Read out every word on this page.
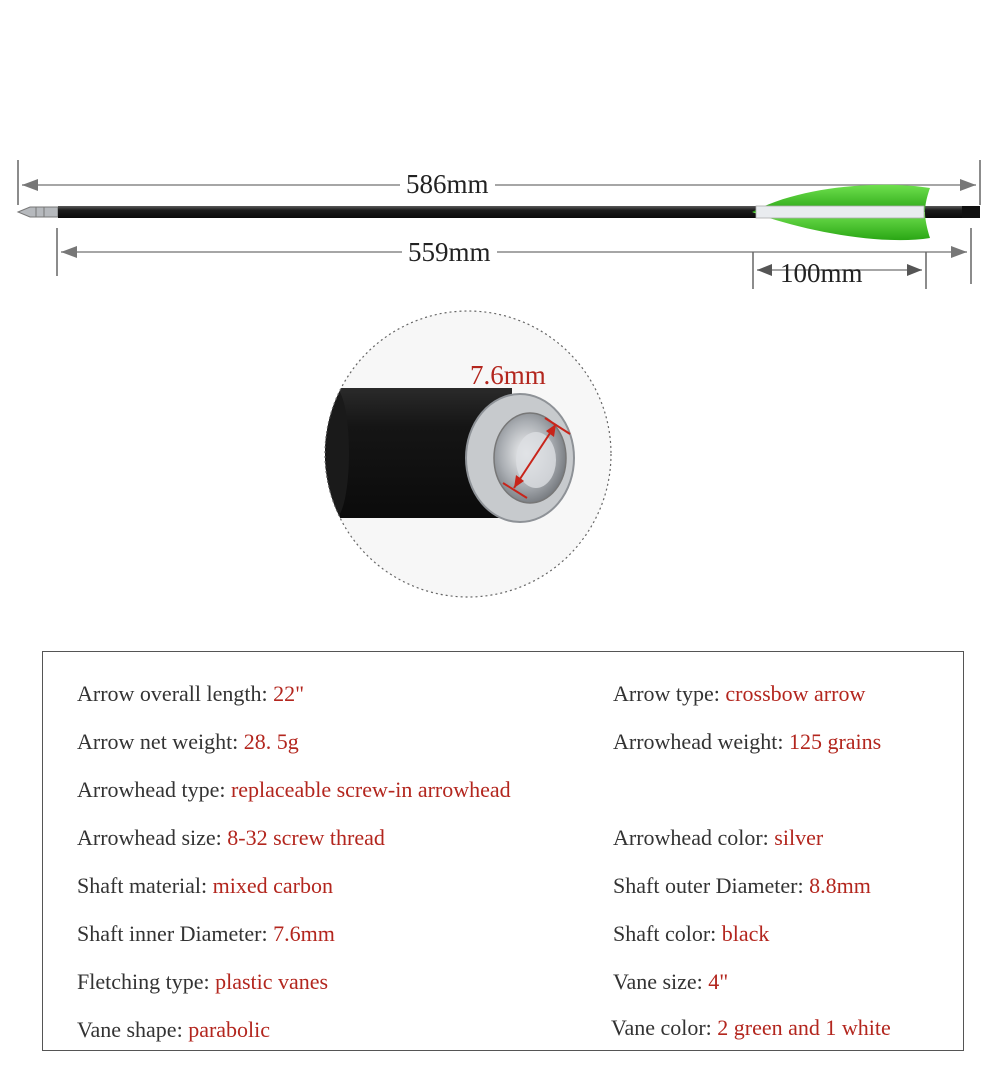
586mm
559mm
100mm
7.6mm
Arrow overall length: 22"	Arrow type: crossbow arrow
Arrow net weight: 28. 5g	Arrowhead weight: 125 grains
Arrowhead type: replaceable screw-in arrowhead
Arrowhead size: 8-32 screw thread	Arrowhead color: silver
Shaft material: mixed carbon	Shaft outer Diameter: 8.8mm
Shaft inner Diameter: 7.6mm	Shaft color: black
Fletching type: plastic vanes	Vane size: 4"
Vane shape: parabolic	Vane color: 2 green and 1 white
